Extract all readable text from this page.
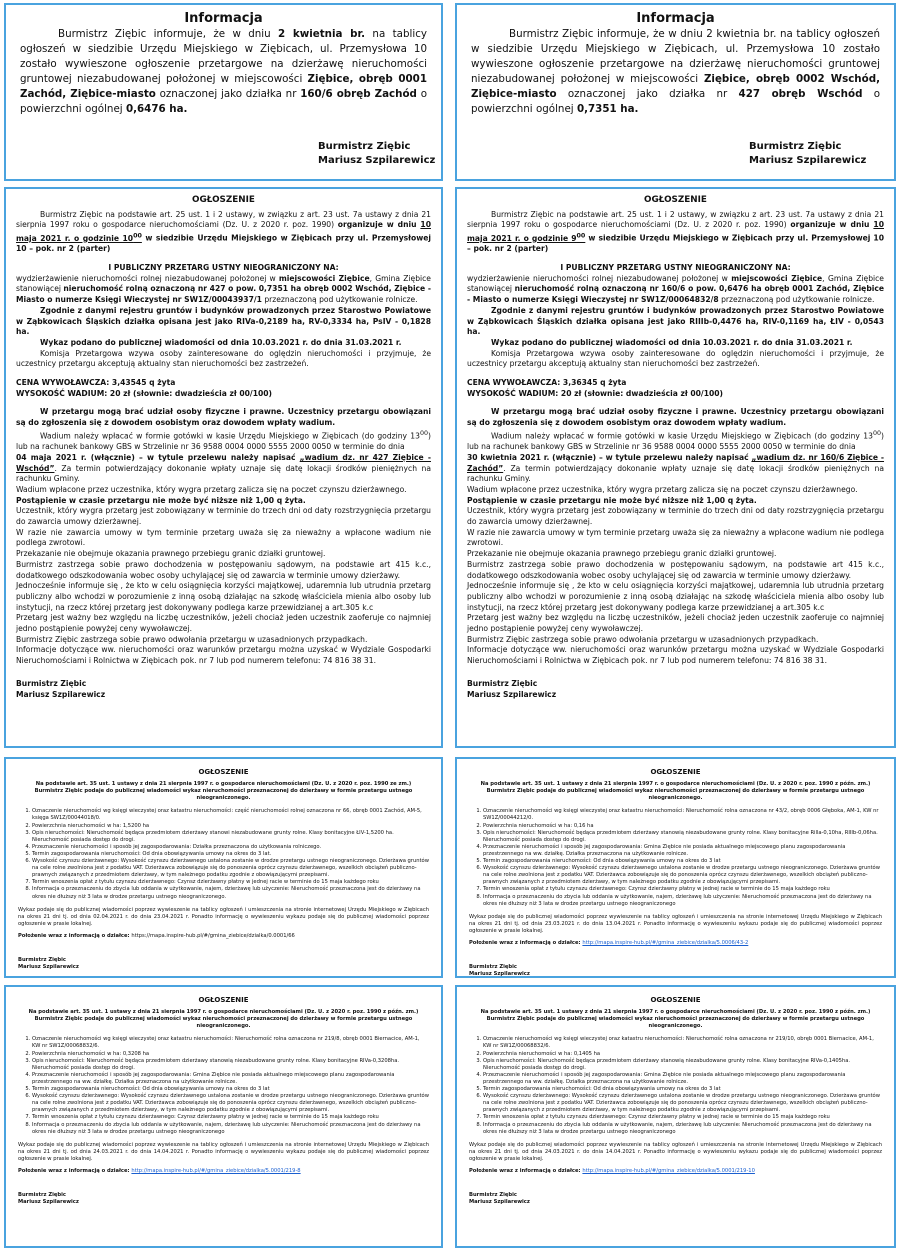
Informacja

Burmistrz Ziębic informuje, że w dniu 2 kwietnia br. na tablicy ogłoszeń w siedzibie Urzędu Miejskiego w Ziębicach, ul. Przemysłowa 10 zostało wywieszone ogłoszenie przetargowe na dzierżawę nieruchomości gruntowej niezabudowanej położonej w miejscowości Ziębice, obręb 0001 Zachód, Ziębice-miasto oznaczonej jako działka nr 160/6 obręb Zachód o powierzchni ogólnej 0,6476 ha.

Burmistrz Ziębic
Mariusz Szpilarewicz
Informacja

Burmistrz Ziębic informuje, że w dniu 2 kwietnia br. na tablicy ogłoszeń w siedzibie Urzędu Miejskiego w Ziębicach, ul. Przemysłowa 10 zostało wywieszone ogłoszenie przetargowe na dzierżawę nieruchomości gruntowej niezabudowanej położonej w miejscowości Ziębice, obręb 0002 Wschód, Ziębice-miasto oznaczonej jako działka nr 427 obręb Wschód o powierzchni ogólnej 0,7351 ha.

Burmistrz Ziębic
Mariusz Szpilarewicz
OGŁOSZENIE

Burmistrz Ziębic na podstawie art. 25 ust. 1 i 2 ustawy, w związku z art. 23 ust. 7a ustawy z dnia 21 sierpnia 1997 roku o gospodarce nieruchomościami (Dz. U. z 2020 r. poz. 1990) organizuje w dniu 10 maja 2021 r. o godzinie $10^{00}$ w siedzibie Urzędu Miejskiego w Ziębicach przy ul. Przemysłowej 10 – pok. nr 2 (parter)

I PUBLICZNY PRZETARG USTNY NIEOGRANICZONY NA:

wydzierżawienie nieruchomości rolnej niezabudowanej położonej w miejscowości Ziębice, Gmina Ziębice stanowiącej nieruchomość rolną oznaczoną nr 427 o pow. 0,7351 ha obręb 0002 Wschód, Ziębice - Miasto o numerze Księgi Wieczystej nr SW1Z/00043937/1 przeznaczoną pod użytkowanie rolnicze.

Zgodnie z danymi rejestru gruntów i budynków prowadzonych przez Starostwo Powiatowe w Ząbkowicach Śląskich działka opisana jest jako RIVa-0,2189 ha, RV-0,3334 ha, PsIV - 0,1828 ha.

Wykaz podano do publicznej wiadomości od dnia 10.03.2021 r. do dnia 31.03.2021 r.

Komisja Przetargowa wzywa osoby zainteresowane do oględzin nieruchomości i przyjmuje, że uczestnicy przetargu akceptują aktualny stan nieruchomości bez zastrzeżeń.

CENA WYWOŁAWCZA: 3,43545 q żyta

WYSOKOŚĆ WADIUM: 20 zł (słownie: dwadzieścia zł 00/100)

W przetargu mogą brać udział osoby fizyczne i prawne. Uczestnicy przetargu obowiązani są do zgłoszenia się z dowodem osobistym oraz dowodem wpłaty wadium.

Wadium należy wpłacać w formie gotówki w kasie Urzędu Miejskiego w Ziębicach (do godziny $13^{00}$) lub na rachunek bankowy GBS w Strzelinie nr 36 9588 0004 0000 5555 2000 0050 w terminie do dnia

04 maja 2021 r. (włącznie) – w tytule przelewu należy napisać „wadium dz. nr 427 Ziębice - Wschód”. Za termin potwierdzający dokonanie wpłaty uznaje się datę lokacji środków pieniężnych na rachunku Gminy.

Wadium wpłacone przez uczestnika, który wygra przetarg zalicza się na poczet czynszu dzierżawnego.

Postąpienie w czasie przetargu nie może być niższe niż 1,00 q żyta.

Uczestnik, który wygra przetarg jest zobowiązany w terminie do trzech dni od daty rozstrzygnięcia przetargu do zawarcia umowy dzierżawnej.

W razie nie zawarcia umowy w tym terminie przetarg uważa się za nieważny a wpłacone wadium nie podlega zwrotowi.

Przekazanie nie obejmuje okazania prawnego przebiegu granic działki gruntowej.

Burmistrz zastrzega sobie prawo dochodzenia w postępowaniu sądowym, na podstawie art 415 k.c., dodatkowego odszkodowania wobec osoby uchylającej się od zawarcia w terminie umowy dzierżawy.

Jednocześnie informuje się , że kto w celu osiągnięcia korzyści majątkowej, udaremnia lub utrudnia przetarg publiczny albo wchodzi w porozumienie z inną osobą działając na szkodę właściciela mienia albo osoby lub instytucji, na rzecz której przetarg jest dokonywany podlega karze przewidzianej a art.305 k.c

Przetarg jest ważny bez względu na liczbę uczestników, jeżeli chociaż jeden uczestnik zaoferuje co najmniej jedno postąpienie powyżej ceny wywoławczej.

Burmistrz Ziębic zastrzega sobie prawo odwołania przetargu w uzasadnionych przypadkach.

Informacje dotyczące ww. nieruchomości oraz warunków przetargu można uzyskać w Wydziale Gospodarki Nieruchomościami i Rolnictwa w Ziębicach pok. nr 7 lub pod numerem telefonu: 74 816 38 31.

Burmistrz Ziębic
Mariusz Szpilarewicz
OGŁOSZENIE

Burmistrz Ziębic na podstawie art. 25 ust. 1 i 2 ustawy, w związku z art. 23 ust. 7a ustawy z dnia 21 sierpnia 1997 roku o gospodarce nieruchomościami (Dz. U. z 2020 r. poz. 1990) organizuje w dniu 10 maja 2021 r. o godzinie $9^{00}$ w siedzibie Urzędu Miejskiego w Ziębicach przy ul. Przemysłowej 10 – pok. nr 2 (parter)

I PUBLICZNY PRZETARG USTNY NIEOGRANICZONY NA:

wydzierżawienie nieruchomości rolnej niezabudowanej położonej w miejscowości Ziębice, Gmina Ziębice stanowiącej nieruchomość rolną oznaczoną nr 160/6 o pow. 0,6476 ha obręb 0001 Zachód, Ziębice - Miasto o numerze Księgi Wieczystej nr SW1Z/00064832/8 przeznaczoną pod użytkowanie rolnicze.

Zgodnie z danymi rejestru gruntów i budynków prowadzonych przez Starostwo Powiatowe w Ząbkowicach Śląskich działka opisana jest jako RIIIb-0,4476 ha, RIV-0,1169 ha, ŁIV - 0,0543 ha.

Wykaz podano do publicznej wiadomości od dnia 10.03.2021 r. do dnia 31.03.2021 r.

Komisja Przetargowa wzywa osoby zainteresowane do oględzin nieruchomości i przyjmuje, że uczestnicy przetargu akceptują aktualny stan nieruchomości bez zastrzeżeń.

CENA WYWOŁAWCZA: 3,36345 q żyta

WYSOKOŚĆ WADIUM: 20 zł (słownie: dwadzieścia zł 00/100)

W przetargu mogą brać udział osoby fizyczne i prawne. Uczestnicy przetargu obowiązani są do zgłoszenia się z dowodem osobistym oraz dowodem wpłaty wadium.

Wadium należy wpłacać w formie gotówki w kasie Urzędu Miejskiego w Ziębicach (do godziny $13^{00}$) lub na rachunek bankowy GBS w Strzelinie nr 36 9588 0004 0000 5555 2000 0050 w terminie do dnia

30 kwietnia 2021 r. (włącznie) – w tytule przelewu należy napisać „wadium dz. nr 160/6 Ziębice - Zachód”. Za termin potwierdzający dokonanie wpłaty uznaje się datę lokacji środków pieniężnych na rachunku Gminy.

Wadium wpłacone przez uczestnika, który wygra przetarg zalicza się na poczet czynszu dzierżawnego.

Postąpienie w czasie przetargu nie może być niższe niż 1,00 q żyta.

Uczestnik, który wygra przetarg jest zobowiązany w terminie do trzech dni od daty rozstrzygnięcia przetargu do zawarcia umowy dzierżawnej.

W razie nie zawarcia umowy w tym terminie przetarg uważa się za nieważny a wpłacone wadium nie podlega zwrotowi.

Przekazanie nie obejmuje okazania prawnego przebiegu granic działki gruntowej.

Burmistrz zastrzega sobie prawo dochodzenia w postępowaniu sądowym, na podstawie art 415 k.c., dodatkowego odszkodowania wobec osoby uchylającej się od zawarcia w terminie umowy dzierżawy.

Jednocześnie informuje się , że kto w celu osiągnięcia korzyści majątkowej, udaremnia lub utrudnia przetarg publiczny albo wchodzi w porozumienie z inną osobą działając na szkodę właściciela mienia albo osoby lub instytucji, na rzecz której przetarg jest dokonywany podlega karze przewidzianej a art.305 k.c

Przetarg jest ważny bez względu na liczbę uczestników, jeżeli chociaż jeden uczestnik zaoferuje co najmniej jedno postąpienie powyżej ceny wywoławczej.

Burmistrz Ziębic zastrzega sobie prawo odwołania przetargu w uzasadnionych przypadkach.

Informacje dotyczące ww. nieruchomości oraz warunków przetargu można uzyskać w Wydziale Gospodarki Nieruchomościami i Rolnictwa w Ziębicach pok. nr 7 lub pod numerem telefonu: 74 816 38 31.

Burmistrz Ziębic
Mariusz Szpilarewicz
OGŁOSZENIE
Na podstawie art. 35 ust. 1 ustawy z dnia 21 sierpnia 1997 r. o gospodarce nieruchomościami (Dz. U. z 2020 r. poz. 1990 ze zm.) Burmistrz Ziębic podaje do publicznej wiadomości wykaz nieruchomości przeznaczonej do dzierżawy w formie przetargu ustnego nieograniczonego.
1. Oznaczenie nieruchomości wg księgi wieczystej oraz katastru nieruchomości: część nieruchomości rolnej oznaczona nr 66, obręb 0001 Zachód, AM-5, księga SW1Z/00044018/0.
2. Powierzchnia nieruchomości w ha: 1,5200 ha
3. Opis nieruchomości: Nieruchomość będąca przedmiotem dzierżawy stanowi niezabudowane grunty rolne. Klasy bonitacyjne ŁIV-1,5200 ha. Nieruchomość posiada dostęp do drogi.
4. Przeznaczenie nieruchomości i sposób jej zagospodarowania: Działka przeznaczona do użytkowania rolniczego.
5. Termin zagospodarowania nieruchomości: Od dnia obowiązywania umowy na okres do 3 lat.
6. Wysokość czynszu dzierżawnego: Wysokość czynszu dzierżawnego ustalona zostanie w drodze przetargu ustnego nieograniczonego. Dzierżawa gruntów na cele rolne zwolniona jest z podatku VAT. Dzierżawca zobowiązuje się do ponoszenia oprócz czynszu dzierżawnego, wszelkich obciążeń publiczno-prawnych związanych z przedmiotem dzierżawy, w tym należnego podatku zgodnie z obowiązującymi przepisami.
7. Termin wnoszenia opłat z tytułu czynszu dzierżawnego: Czynsz dzierżawny płatny w jednej racie w terminie do 15 maja każdego roku
8. Informacja o przeznaczeniu do zbycia lub oddania w użytkowanie, najem, dzierżawę lub użyczenie: Nieruchomość przeznaczona jest do dzierżawy na okres nie dłuższy niż 3 lata w drodze przetargu ustnego nieograniczonego.

Wykaz podaje się do publicznej wiadomości poprzez wywieszenie na tablicy ogłoszeń i umieszczenia na stronie internetowej Urzędu Miejskiego w Ziębicach na okres 21 dni tj. od dnia 02.04.2021 r. do dnia 23.04.2021 r. Ponadto informację o wywieszeniu wykazu podaje się do publicznej wiadomości poprzez ogłoszenie w prasie lokalnej.

Położenie wraz z informacją o działce: https://mapa.inspire-hub.pl/#/gmina_ziebice/dzialka/0.0001/66

Burmistrz Ziębic
Mariusz Szpilarewicz
OGŁOSZENIE
Na podstawie art. 35 ust. 1 ustawy z dnia 21 sierpnia 1997 r. o gospodarce nieruchomościami (Dz. U. z 2020 r. poz. 1990 z późn. zm.) Burmistrz Ziębic podaje do publicznej wiadomości wykaz nieruchomości przeznaczonej do dzierżawy w formie przetargu ustnego nieograniczonego.
1. Oznaczenie nieruchomości wg księgi wieczystej oraz katastru nieruchomości: Nieruchomość rolna oznaczona nr 43/2, obręb 0006 Głęboka, AM-1, KW nr SW1Z/00044212/0.
2. Powierzchnia nieruchomości w ha: 0,16 ha
3. Opis nieruchomości: Nieruchomość będąca przedmiotem dzierżawy stanowią niezabudowane grunty rolne. Klasy bonitacyjne Rilla-0,10ha, RIIIb-0,06ha. Nieruchomość posiada dostęp do drogi.
4. Przeznaczenie nieruchomości i sposób jej zagospodarowania: Gmina Ziębice nie posiada aktualnego miejscowego planu zagospodarowania przestrzennego na ww. działkę. Działka przeznaczona na użytkowanie rolnicze.
5. Termin zagospodarowania nieruchomości: Od dnia obowiązywania umowy na okres do 3 lat
6. Wysokość czynszu dzierżawnego: Wysokość czynszu dzierżawnego ustalona zostanie w drodze przetargu ustnego nieograniczonego. Dzierżawa gruntów na cele rolne zwolniona jest z podatku VAT. Dzierżawca zobowiązuje się do ponoszenia oprócz czynszu dzierżawnego, wszelkich obciążeń publiczno-prawnych związanych z przedmiotem dzierżawy, w tym należnego podatku zgodnie z obowiązującymi przepisami.
7. Termin wnoszenia opłat z tytułu czynszu dzierżawnego: Czynsz dzierżawny płatny w jednej racie w terminie do 15 maja każdego roku
8. Informacja o przeznaczeniu do zbycia lub oddania w użytkowanie, najem, dzierżawę lub użyczenie: Nieruchomość przeznaczona jest do dzierżawy na okres nie dłuższy niż 3 lata w drodze przetargu ustnego nieograniczonego

Wykaz podaje się do publicznej wiadomości poprzez wywieszenie na tablicy ogłoszeń i umieszczenia na stronie internetowej Urzędu Miejskiego w Ziębicach na okres 21 dni tj. od dnia 23.03.2021 r. do dnia 13.04.2021 r. Ponadto informację o wywieszeniu wykazu podaje się do publicznej wiadomości poprzez ogłoszenie w prasie lokalnej.

Położenie wraz z informacją o działce: http://mapa.inspire-hub.pl/#/gmina_ziebice/dzialka/5.0006/43-2

Burmistrz Ziębic
Mariusz Szpilarewicz
OGŁOSZENIE
Na podstawie art. 35 ust. 1 ustawy z dnia 21 sierpnia 1997 r. o gospodarce nieruchomościami (Dz. U. z 2020 r. poz. 1990 z późn. zm.) Burmistrz Ziębic podaje do publicznej wiadomości wykaz nieruchomości przeznaczonej do dzierżawy w formie przetargu ustnego nieograniczonego.
1. Oznaczenie nieruchomości wg księgi wieczystej oraz katastru nieruchomości: Nieruchomość rolna oznaczona nr 219/8, obręb 0001 Biernacice, AM-1, KW nr SW1Z/00068832/6.
2. Powierzchnia nieruchomości w ha: 0,3208 ha
3. Opis nieruchomości: Nieruchomość będąca przedmiotem dzierżawy stanowią niezabudowane grunty rolne. Klasy bonitacyjne RIVa-0,3208ha. Nieruchomość posiada dostęp do drogi.
4. Przeznaczenie nieruchomości i sposób jej zagospodarowania: Gmina Ziębice nie posiada aktualnego miejscowego planu zagospodarowania przestrzennego na ww. działkę. Działka przeznaczona na użytkowanie rolnicze.
5. Termin zagospodarowania nieruchomości: Od dnia obowiązywania umowy na okres do 3 lat
6. Wysokość czynszu dzierżawnego: Wysokość czynszu dzierżawnego ustalona zostanie w drodze przetargu ustnego nieograniczonego. Dzierżawa gruntów na cele rolne zwolniona jest z podatku VAT. Dzierżawca zobowiązuje się do ponoszenia oprócz czynszu dzierżawnego, wszelkich obciążeń publiczno-prawnych związanych z przedmiotem dzierżawy, w tym należnego podatku zgodnie z obowiązującymi przepisami.
7. Termin wnoszenia opłat z tytułu czynszu dzierżawnego: Czynsz dzierżawny płatny w jednej racie w terminie do 15 maja każdego roku
8. Informacja o przeznaczeniu do zbycia lub oddania w użytkowanie, najem, dzierżawę lub użyczenie: Nieruchomość przeznaczona jest do dzierżawy na okres nie dłuższy niż 3 lata w drodze przetargu ustnego nieograniczonego

Wykaz podaje się do publicznej wiadomości poprzez wywieszenie na tablicy ogłoszeń i umieszczenia na stronie internetowej Urzędu Miejskiego w Ziębicach na okres 21 dni tj. od dnia 24.03.2021 r. do dnia 14.04.2021 r. Ponadto informację o wywieszeniu wykazu podaje się do publicznej wiadomości poprzez ogłoszenie w prasie lokalnej.

Położenie wraz z informacją o działce: http://mapa.inspire-hub.pl/#/gmina_ziebice/dzialka/5.0001/219-8

Burmistrz Ziębic
Mariusz Szpilarewicz
OGŁOSZENIE
Na podstawie art. 35 ust. 1 ustawy z dnia 21 sierpnia 1997 r. o gospodarce nieruchomościami (Dz. U. z 2020 r. poz. 1990 z późn. zm.) Burmistrz Ziębic podaje do publicznej wiadomości wykaz nieruchomości przeznaczonej do dzierżawy w formie przetargu ustnego nieograniczonego.
1. Oznaczenie nieruchomości wg księgi wieczystej oraz katastru nieruchomości: Nieruchomość rolna oznaczona nr 219/10, obręb 0001 Biernacice, AM-1, KW nr SW1Z/00068832/6.
2. Powierzchnia nieruchomości w ha: 0,1405 ha
3. Opis nieruchomości: Nieruchomość będąca przedmiotem dzierżawy stanowią niezabudowane grunty rolne. Klasy bonitacyjne RIVa-0,1405ha. Nieruchomość posiada dostęp do drogi.
4. Przeznaczenie nieruchomości i sposób jej zagospodarowania: Gmina Ziębice nie posiada aktualnego miejscowego planu zagospodarowania przestrzennego na ww. działkę. Działka przeznaczona na użytkowanie rolnicze.
5. Termin zagospodarowania nieruchomości: Od dnia obowiązywania umowy na okres do 3 lat
6. Wysokość czynszu dzierżawnego: Wysokość czynszu dzierżawnego ustalona zostanie w drodze przetargu ustnego nieograniczonego. Dzierżawa gruntów na cele rolne zwolniona jest z podatku VAT. Dzierżawca zobowiązuje się do ponoszenia oprócz czynszu dzierżawnego, wszelkich obciążeń publiczno-prawnych związanych z przedmiotem dzierżawy, w tym należnego podatku zgodnie z obowiązującymi przepisami.
7. Termin wnoszenia opłat z tytułu czynszu dzierżawnego: Czynsz dzierżawny płatny w jednej racie w terminie do 15 maja każdego roku
8. Informacja o przeznaczeniu do zbycia lub oddania w użytkowanie, najem, dzierżawę lub użyczenie: Nieruchomość przeznaczona jest do dzierżawy na okres nie dłuższy niż 3 lata w drodze przetargu ustnego nieograniczonego

Wykaz podaje się do publicznej wiadomości poprzez wywieszenie na tablicy ogłoszeń i umieszczenia na stronie internetowej Urzędu Miejskiego w Ziębicach na okres 21 dni tj. od dnia 24.03.2021 r. do dnia 14.04.2021 r. Ponadto informację o wywieszeniu wykazu podaje się do publicznej wiadomości poprzez ogłoszenie w prasie lokalnej.

Położenie wraz z informacją o działce: http://mapa.inspire-hub.pl/#/gmina_ziebice/dzialka/5.0001/219-10

Burmistrz Ziębic
Mariusz Szpilarewicz
